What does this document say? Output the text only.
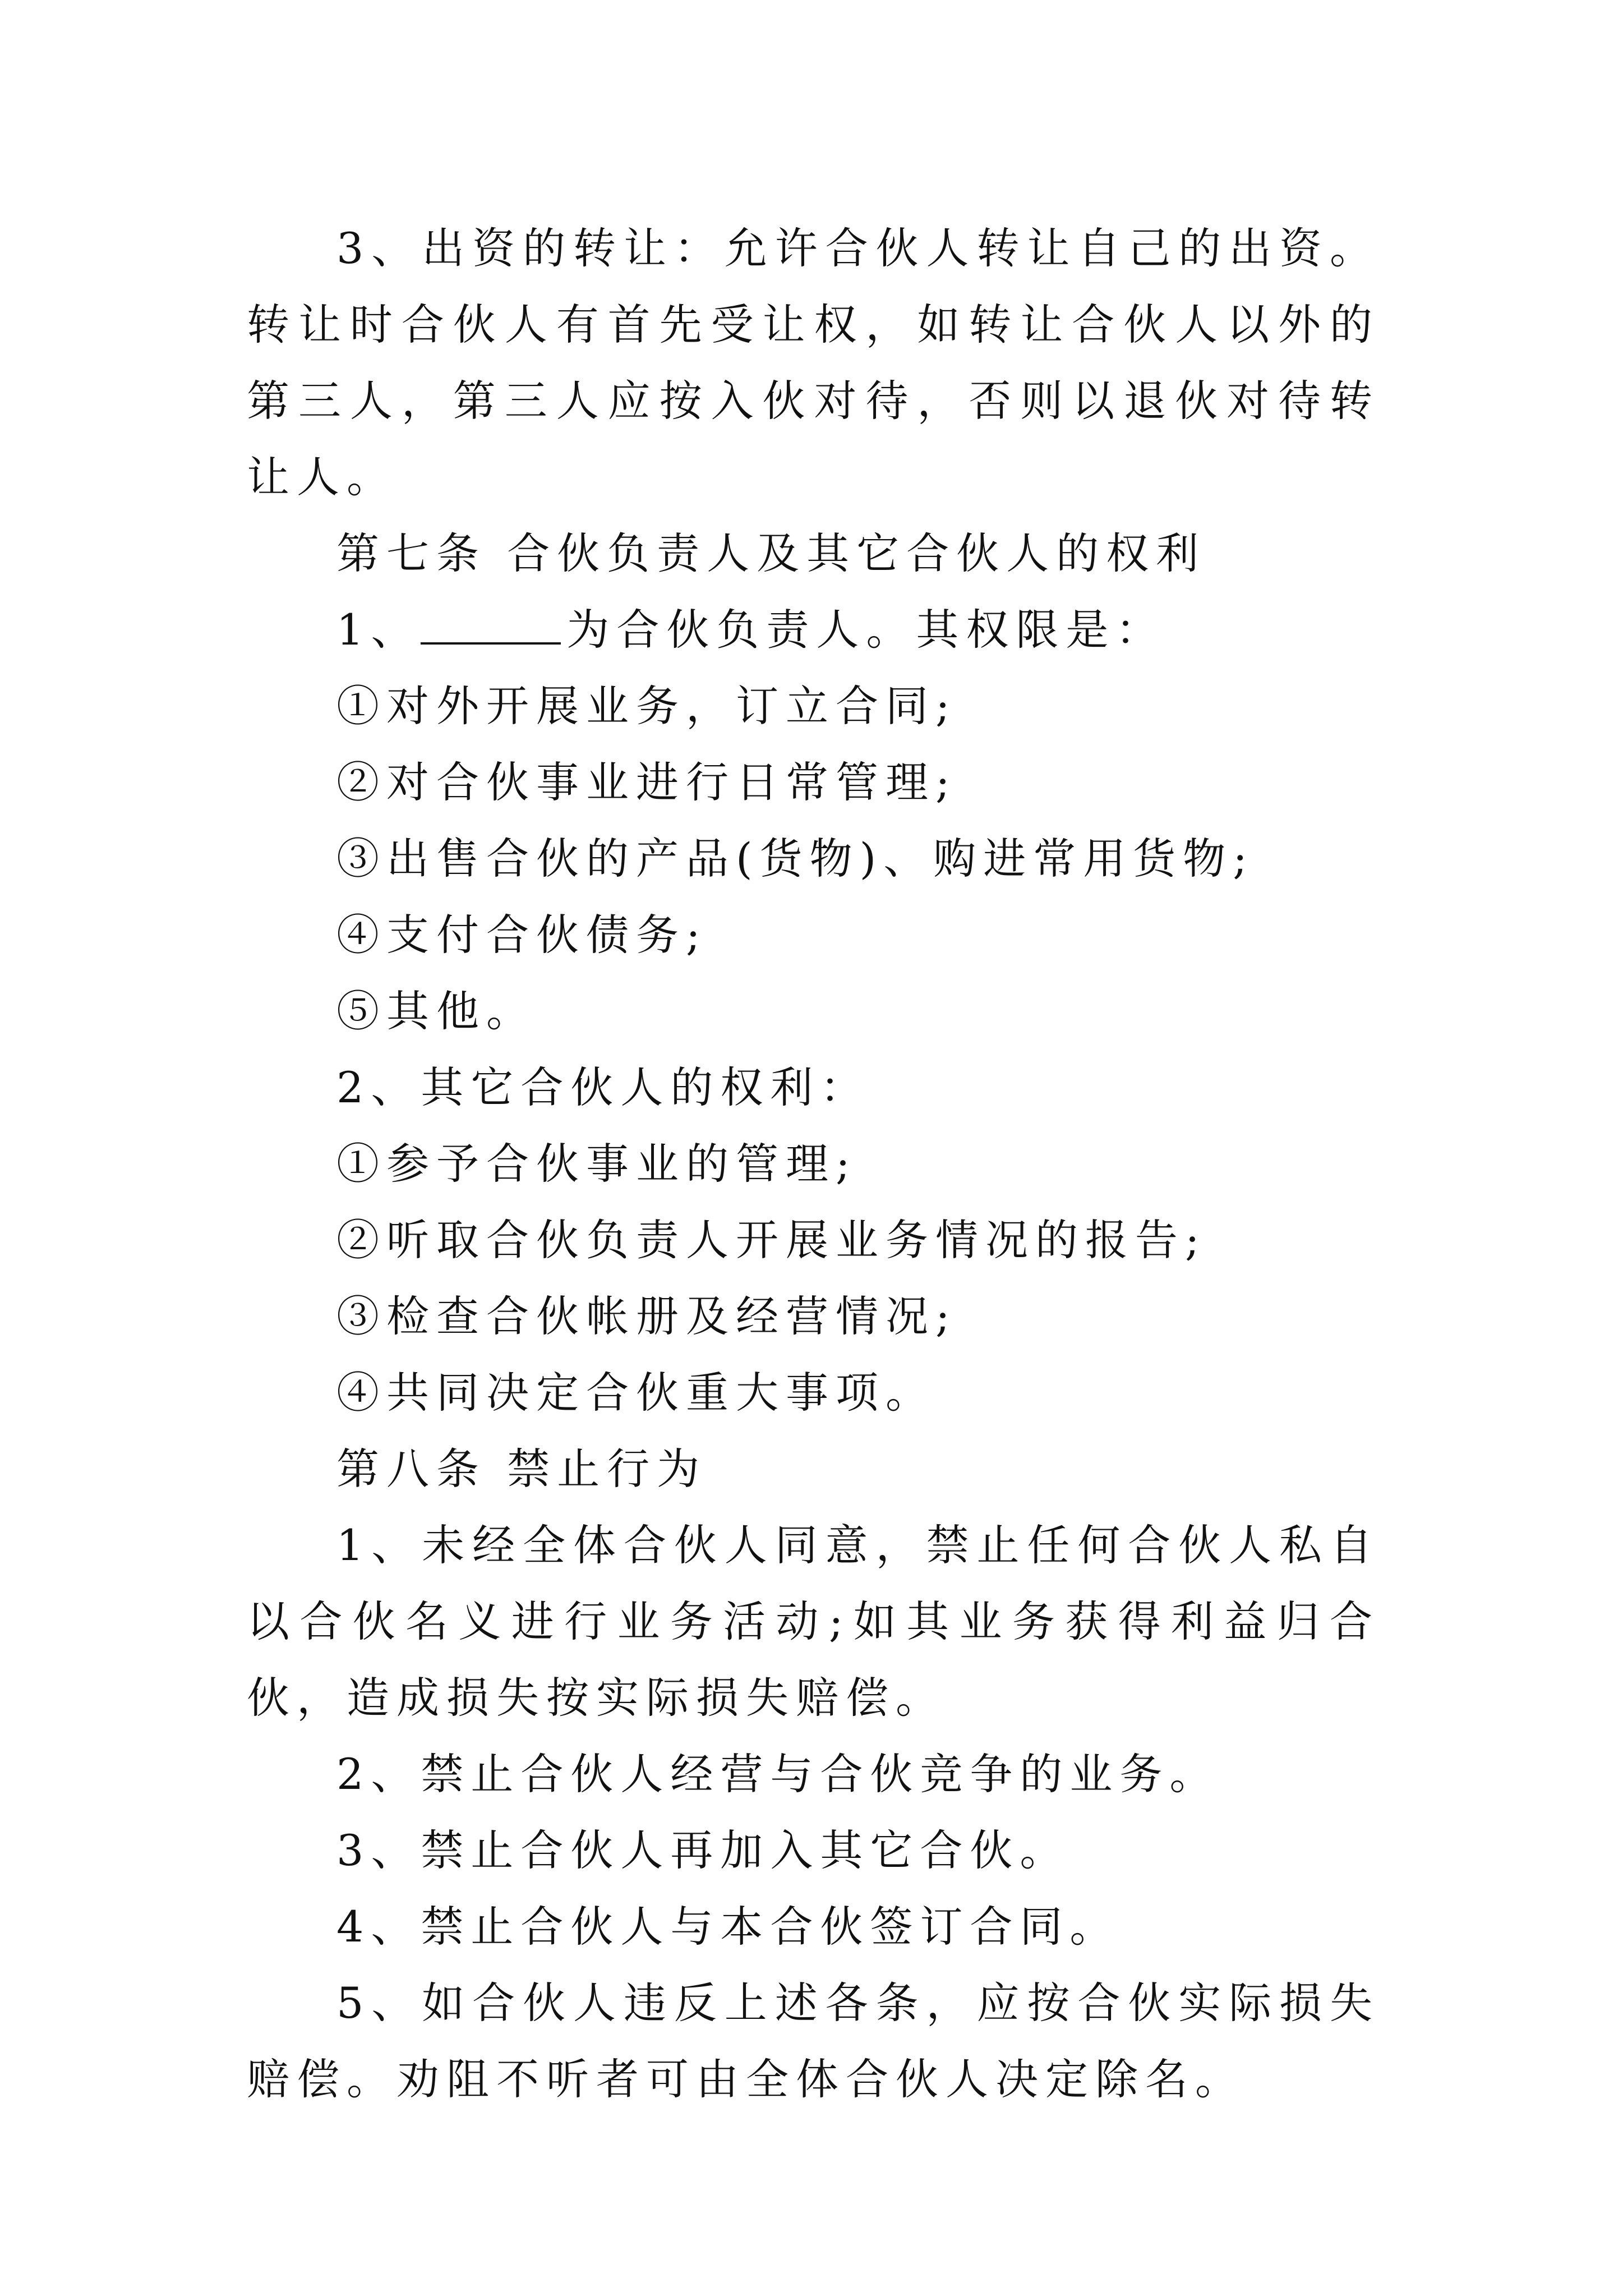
3、出资的转让：允许合伙人转让自己的出资。转让时合伙人有首先受让权，如转让合伙人以外的第三人，第三人应按入伙对待，否则以退伙对待转让人。

第七条 合伙负责人及其它合伙人的权利

1、	为合伙负责人。其权限是：

①对外开展业务，订立合同;

②对合伙事业进行日常管理;

③出售合伙的产品(货物)、购进常用货物;

④支付合伙债务;

⑤其他。

2、其它合伙人的权利：

①参予合伙事业的管理;

②听取合伙负责人开展业务情况的报告;

③检查合伙帐册及经营情况;

④共同决定合伙重大事项。

第八条 禁止行为

1、未经全体合伙人同意，禁止任何合伙人私自以合伙名义进行业务活动;如其业务获得利益归合伙，造成损失按实际损失赔偿。

2、禁止合伙人经营与合伙竞争的业务。

3、禁止合伙人再加入其它合伙。

4、禁止合伙人与本合伙签订合同。

5、如合伙人违反上述各条，应按合伙实际损失赔偿。劝阻不听者可由全体合伙人决定除名。
